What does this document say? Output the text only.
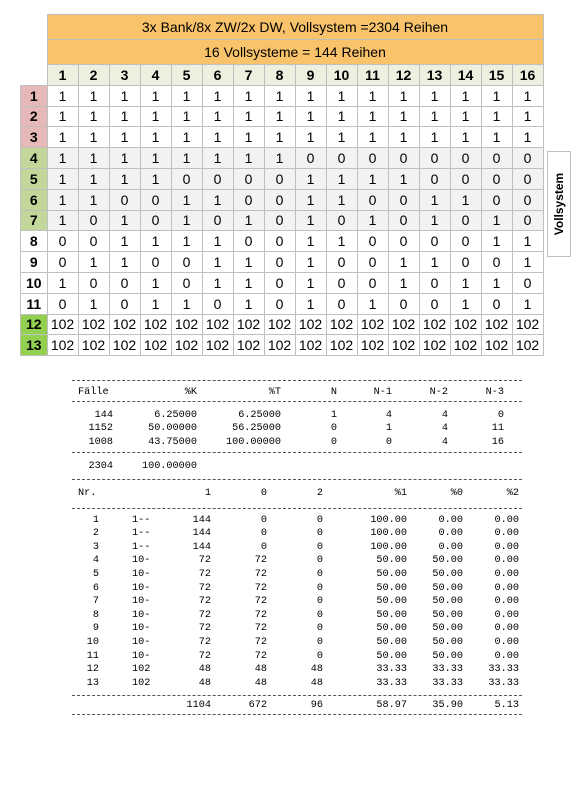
	3x Bank/8x ZW/2x DW, Vollsystem =2304 Reihen															
	16 Vollsysteme = 144 Reihen															
	1	2	3	4	5	6	7	8	9	10	11	12	13	14	15	16
1	1	1	1	1	1	1	1	1	1	1	1	1	1	1	1	1
2	1	1	1	1	1	1	1	1	1	1	1	1	1	1	1	1
3	1	1	1	1	1	1	1	1	1	1	1	1	1	1	1	1
4	1	1	1	1	1	1	1	1	0	0	0	0	0	0	0	0
5	1	1	1	1	0	0	0	0	1	1	1	1	0	0	0	0
6	1	1	0	0	1	1	0	0	1	1	0	0	1	1	0	0
7	1	0	1	0	1	0	1	0	1	0	1	0	1	0	1	0
8	0	0	1	1	1	1	0	0	1	1	0	0	0	0	1	1
9	0	1	1	0	0	1	1	0	1	0	0	1	1	0	0	1
10	1	0	0	1	0	1	1	0	1	0	0	1	0	1	1	0
11	0	1	0	1	1	0	1	0	1	0	1	0	0	1	0	1
12	102	102	102	102	102	102	102	102	102	102	102	102	102	102	102	102
13	102	102	102	102	102	102	102	102	102	102	102	102	102	102	102	102
Vollsystem
Fälle	%K	%T	N	N-1	N-2	N-3
144	6.25000	6.25000	1	4	4	0
1152	50.00000	56.25000	0	1	4	11
1008	43.75000	100.00000	0	0	4	16
2304	100.00000
Nr.	1	0	2	%1	%0	%2
1	1--	144	0	0	100.00	0.00	0.00
2	1--	144	0	0	100.00	0.00	0.00
3	1--	144	0	0	100.00	0.00	0.00
4	10-	72	72	0	50.00 50.00	0.00
5	10-	72	72	0	50.00 50.00	0.00
6	10-	72	72	0	50.00 50.00	0.00
7	10-	72	72	0	50.00 50.00	0.00
8	10-	72	72	0	50.00 50.00	0.00
9	10-	72	72	0	50.00 50.00	0.00
10	10-	72	72	0	50.00 50.00	0.00
11	10-	72	72	0	50.00 50.00	0.00
12	102	48	48	48	33.33 33.33 33.33
13	102	48	48	48	33.33 33.33 33.33
1104	672	96	58.97 35.90	5.13
